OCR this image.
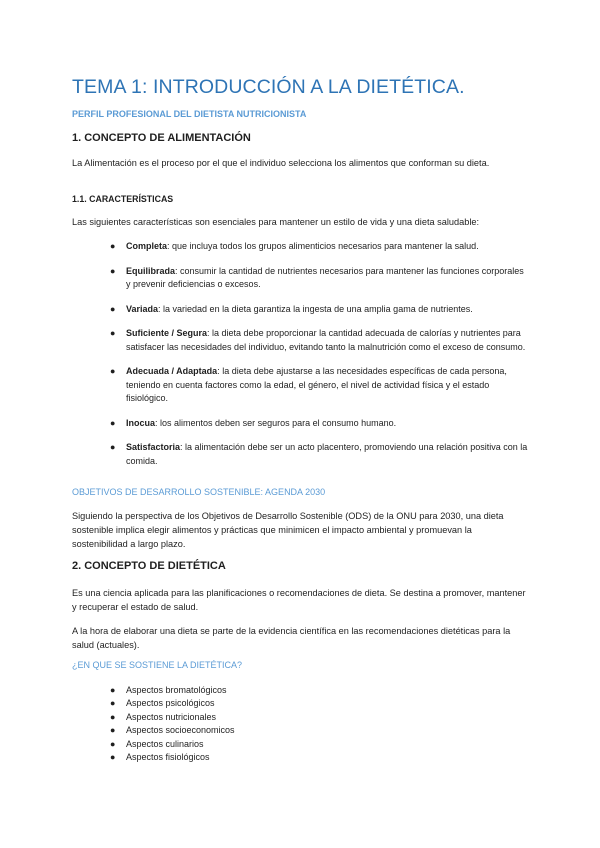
TEMA 1: INTRODUCCIÓN A LA DIETÉTICA.
PERFIL PROFESIONAL DEL DIETISTA NUTRICIONISTA
1. CONCEPTO DE ALIMENTACIÓN

La Alimentación es el proceso por el que el individuo selecciona los alimentos que conforman su dieta.

1.1. CARACTERÍSTICAS

Las siguientes características son esenciales para mantener un estilo de vida y una dieta saludable:

● Completa: que incluya todos los grupos alimenticios necesarios para mantener la salud.
● Equilibrada: consumir la cantidad de nutrientes necesarios para mantener las funciones corporales y prevenir deficiencias o excesos.
● Variada: la variedad en la dieta garantiza la ingesta de una amplia gama de nutrientes.
● Suficiente / Segura: la dieta debe proporcionar la cantidad adecuada de calorías y nutrientes para satisfacer las necesidades del individuo, evitando tanto la malnutrición como el exceso de consumo.
● Adecuada / Adaptada: la dieta debe ajustarse a las necesidades específicas de cada persona, teniendo en cuenta factores como la edad, el género, el nivel de actividad física y el estado fisiológico.
● Inocua: los alimentos deben ser seguros para el consumo humano.
● Satisfactoria: la alimentación debe ser un acto placentero, promoviendo una relación positiva con la comida.
OBJETIVOS DE DESARROLLO SOSTENIBLE: AGENDA 2030

Siguiendo la perspectiva de los Objetivos de Desarrollo Sostenible (ODS) de la ONU para 2030, una dieta sostenible implica elegir alimentos y prácticas que minimicen el impacto ambiental y promuevan la sostenibilidad a largo plazo.

2. CONCEPTO DE DIETÉTICA

Es una ciencia aplicada para las planificaciones o recomendaciones de dieta. Se destina a promover, mantener y recuperar el estado de salud.

A la hora de elaborar una dieta se parte de la evidencia científica en las recomendaciones dietéticas para la salud (actuales).

¿EN QUE SE SOSTIENE LA DIETÉTICA?
● Aspectos bromatológicos
● Aspectos psicológicos
● Aspectos nutricionales
● Aspectos socioeconomicos
● Aspectos culinarios
● Aspectos fisiológicos
